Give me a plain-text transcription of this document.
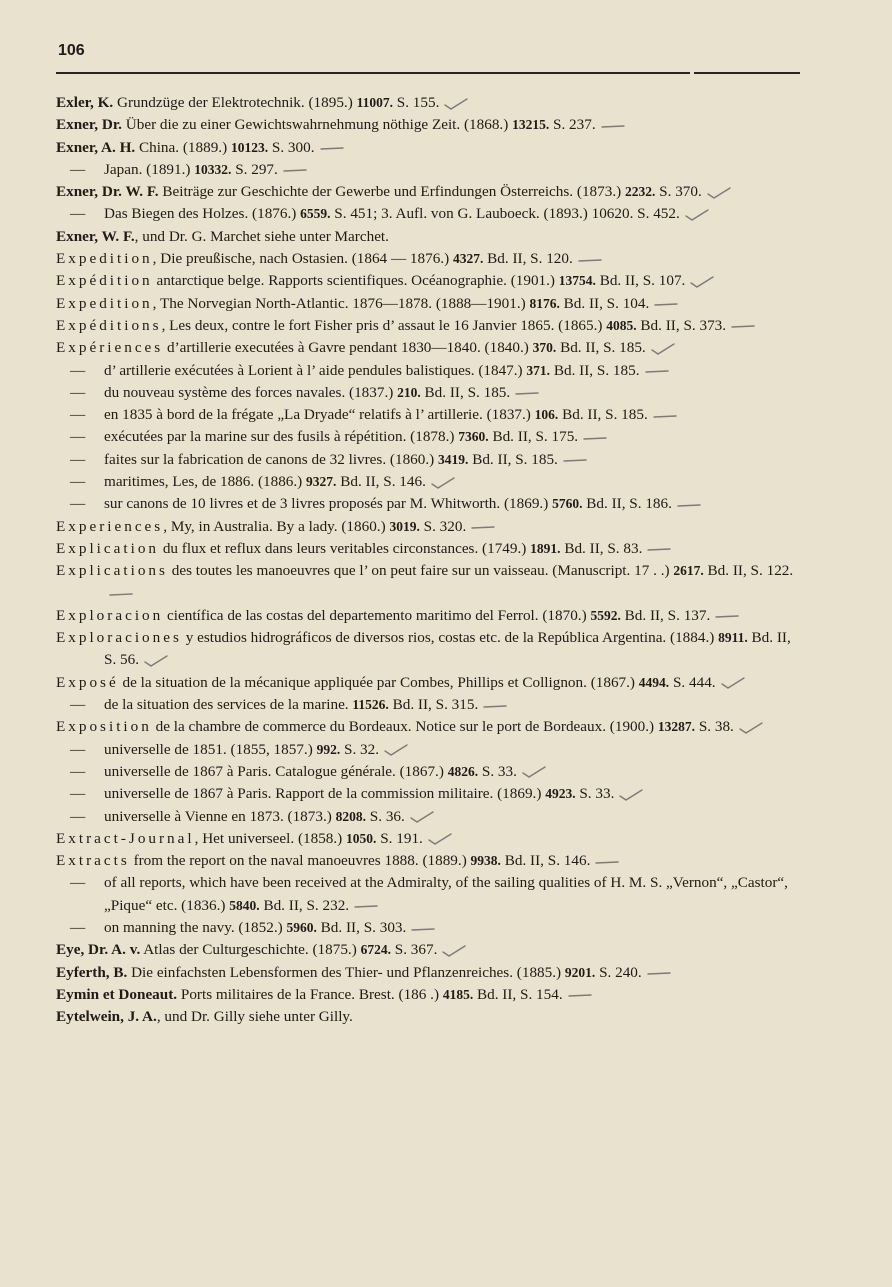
106
Exler, K. Grundzüge der Elektrotechnik. (1895.) 11007. S. 155.
Exner, Dr. Über die zu einer Gewichtswahrnehmung nöthige Zeit. (1868.) 13215. S. 237.
Exner, A. H. China. (1889.) 10123. S. 300.
— Japan. (1891.) 10332. S. 297.
Exner, Dr. W. F. Beiträge zur Geschichte der Gewerbe und Erfindungen Österreichs. (1873.) 2232. S. 370.
— Das Biegen des Holzes. (1876.) 6559. S. 451; 3. Aufl. von G. Lauboeck. (1893.) 10620. S. 452.
Exner, W. F., und Dr. G. Marchet siehe unter Marchet.
Expedition, Die preußische, nach Ostasien. (1864 — 1876.) 4327. Bd. II, S. 120.
Expédition antarctique belge. Rapports scientifiques. Océanographie. (1901.) 13754. Bd. II, S. 107.
Expedition, The Norvegian North-Atlantic. 1876—1878. (1888—1901.) 8176. Bd. II, S. 104.
Expéditions, Les deux, contre le fort Fisher pris d’ assaut le 16 Janvier 1865. (1865.) 4085. Bd. II, S. 373.
Expériences d’artillerie executées à Gavre pendant 1830—1840. (1840.) 370. Bd. II, S. 185.
— d’ artillerie exécutées à Lorient à l’ aide pendules balistiques. (1847.) 371. Bd. II, S. 185.
— du nouveau système des forces navales. (1837.) 210. Bd. II, S. 185.
— en 1835 à bord de la frégate „La Dryade“ relatifs à l’ artillerie. (1837.) 106. Bd. II, S. 185.
— exécutées par la marine sur des fusils à répétition. (1878.) 7360. Bd. II, S. 175.
— faites sur la fabrication de canons de 32 livres. (1860.) 3419. Bd. II, S. 185.
— maritimes, Les, de 1886. (1886.) 9327. Bd. II, S. 146.
— sur canons de 10 livres et de 3 livres proposés par M. Whitworth. (1869.) 5760. Bd. II, S. 186.
Experiences, My, in Australia. By a lady. (1860.) 3019. S. 320.
Explication du flux et reflux dans leurs veritables circonstances. (1749.) 1891. Bd. II, S. 83.
Explications des toutes les manoeuvres que l’ on peut faire sur un vaisseau. (Manuscript. 17 . .) 2617. Bd. II, S. 122.
Exploracion científica de las costas del departemento maritimo del Ferrol. (1870.) 5592. Bd. II, S. 137.
Exploraciones y estudios hidrográficos de diversos rios, costas etc. de la República Argentina. (1884.) 8911. Bd. II, S. 56.
Exposé de la situation de la mécanique appliquée par Combes, Phillips et Collignon. (1867.) 4494. S. 444.
— de la situation des services de la marine. 11526. Bd. II, S. 315.
Exposition de la chambre de commerce du Bordeaux. Notice sur le port de Bordeaux. (1900.) 13287. S. 38.
— universelle de 1851. (1855, 1857.) 992. S. 32.
— universelle de 1867 à Paris. Catalogue générale. (1867.) 4826. S. 33.
— universelle de 1867 à Paris. Rapport de la commission militaire. (1869.) 4923. S. 33.
— universelle à Vienne en 1873. (1873.) 8208. S. 36.
Extract-Journal, Het universeel. (1858.) 1050. S. 191.
Extracts from the report on the naval manoeuvres 1888. (1889.) 9938. Bd. II, S. 146.
— of all reports, which have been received at the Admiralty, of the sailing qualities of H. M. S. „Vernon“, „Castor“, „Pique“ etc. (1836.) 5840. Bd. II, S. 232.
— on manning the navy. (1852.) 5960. Bd. II, S. 303.
Eye, Dr. A. v. Atlas der Culturgeschichte. (1875.) 6724. S. 367.
Eyferth, B. Die einfachsten Lebensformen des Thier- und Pflanzenreiches. (1885.) 9201. S. 240.
Eymin et Doneaut. Ports militaires de la France. Brest. (186 .) 4185. Bd. II, S. 154.
Eytelwein, J. A., und Dr. Gilly siehe unter Gilly.
